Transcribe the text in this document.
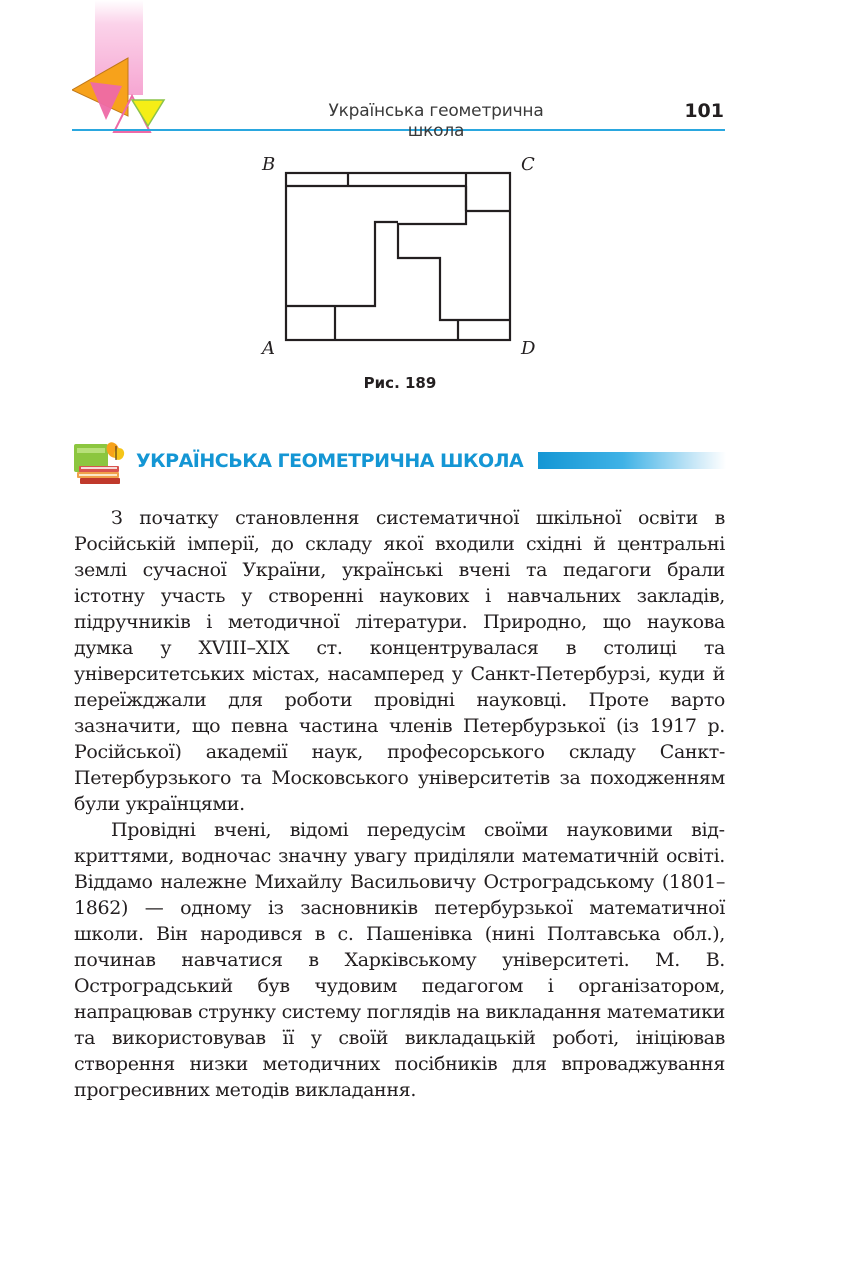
Українська геометрична школа
101
B	C
A	D
Рис. 189
УКРАЇНСЬКА ГЕОМЕТРИЧНА ШКОЛА

З початку становлення систематичної шкільної освіти в Російській імперії, до складу якої входили східні й центральні землі сучасної України, українські вчені та педагоги брали істотну участь у створенні наукових і навчальних закладів, підручників і методичної літератури. Природно, що наукова думка у XVIII–XIX ст. концентрувалася в столиці та університетських містах, насамперед у Санкт-Петербурзі, куди й переїжджали для роботи провідні науковці. Проте варто зазначити, що певна частина членів Петербурзької (із 1917 р. Російської) академії наук, професорського складу Санкт-Петербурзького та Московського університетів за походженням були українцями.

Провідні вчені, відомі передусім своїми науковими відкриттями, водночас значну увагу приділяли математичній освіті. Віддамо належне Михайлу Васильовичу Остроградському (1801–1862) — одному із засновників петербурзької математичної школи. Він народився в с. Пашенівка (нині Полтавська обл.), починав навчатися в Харківському університеті. М. В. Остроградський був чудовим педагогом і організатором, напрацював струнку систему поглядів на викладання математики та використовував її у своїй викладацькій роботі, ініціював створення низки методичних посібників для впроваджування прогресивних методів викладання.
